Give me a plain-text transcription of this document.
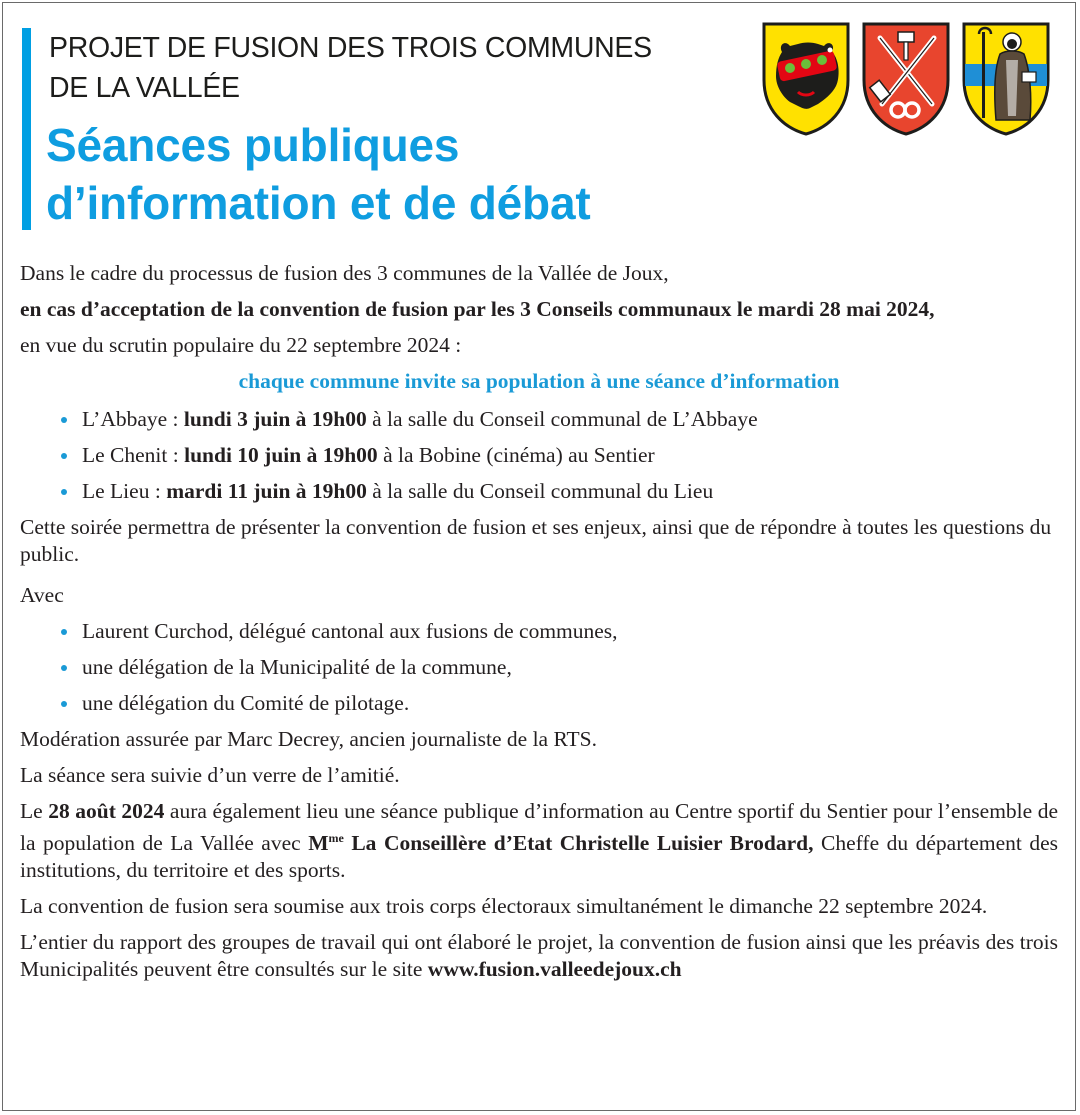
PROJET DE FUSION DES TROIS COMMUNES
DE LA VALLÉE

Séances publiques
d’information et de débat

Dans le cadre du processus de fusion des 3 communes de la Vallée de Joux,

en cas d’acceptation de la convention de fusion par les 3 Conseils communaux le mardi 28 mai 2024,

en vue du scrutin populaire du 22 septembre 2024 :

chaque commune invite sa population à une séance d’information

L’Abbaye : lundi 3 juin à 19h00 à la salle du Conseil communal de L’Abbaye
Le Chenit : lundi 10 juin à 19h00 à la Bobine (cinéma) au Sentier
Le Lieu : mardi 11 juin à 19h00 à la salle du Conseil communal du Lieu

Cette soirée permettra de présenter la convention de fusion et ses enjeux, ainsi que de répondre à toutes les questions du public.

Avec

Laurent Curchod, délégué cantonal aux fusions de communes,
une délégation de la Municipalité de la commune,
une délégation du Comité de pilotage.

Modération assurée par Marc Decrey, ancien journaliste de la RTS.

La séance sera suivie d’un verre de l’amitié.

Le 28 août 2024 aura également lieu une séance publique d’information au Centre sportif du Sentier pour l’ensemble de la population de La Vallée avec $M^{me}$ La Conseillère d’Etat Christelle Luisier Brodard, Cheffe du département des institutions, du territoire et des sports.

La convention de fusion sera soumise aux trois corps électoraux simultanément le dimanche 22 septembre 2024.

L’entier du rapport des groupes de travail qui ont élaboré le projet, la convention de fusion ainsi que les préavis des trois Municipalités peuvent être consultés sur le site www.fusion.valleedejoux.ch
